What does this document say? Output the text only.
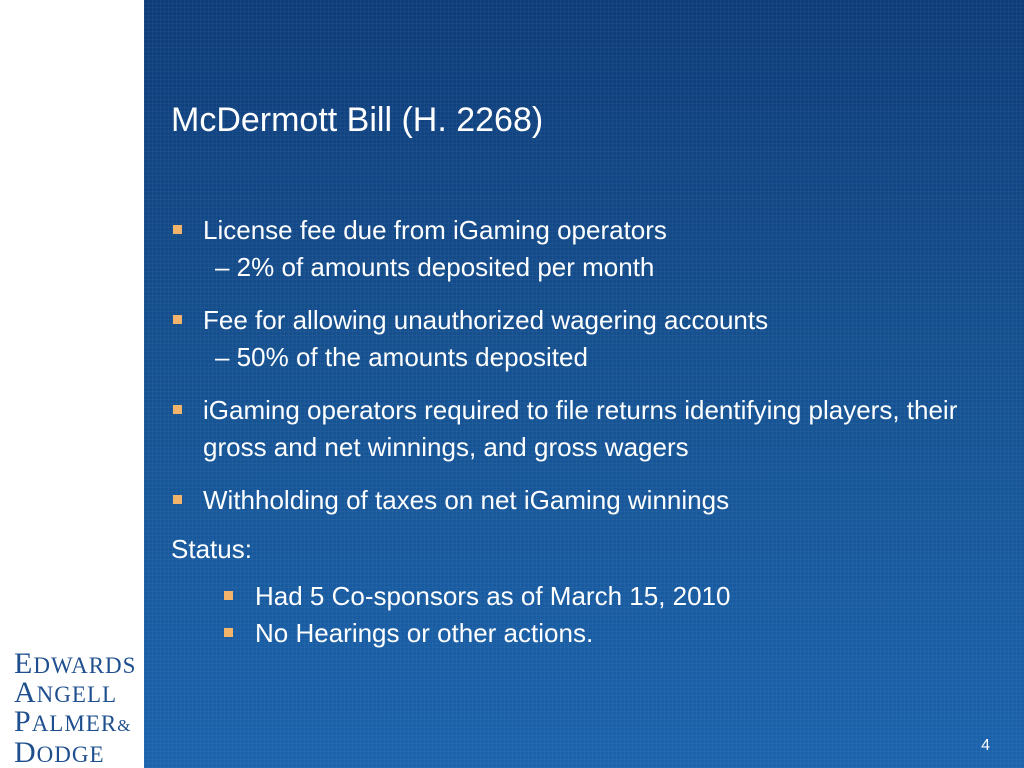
EDWARDS
ANGELL
PALMER&
DODGE
McDermott Bill (H. 2268)
License fee due from iGaming operators
– 2% of amounts deposited per month
Fee for allowing unauthorized wagering accounts
– 50% of the amounts deposited
iGaming operators required to file returns identifying players, their gross and net winnings, and gross wagers
Withholding of taxes on net iGaming winnings
Status:
Had 5 Co-sponsors as of March 15, 2010
No Hearings or other actions.
4
